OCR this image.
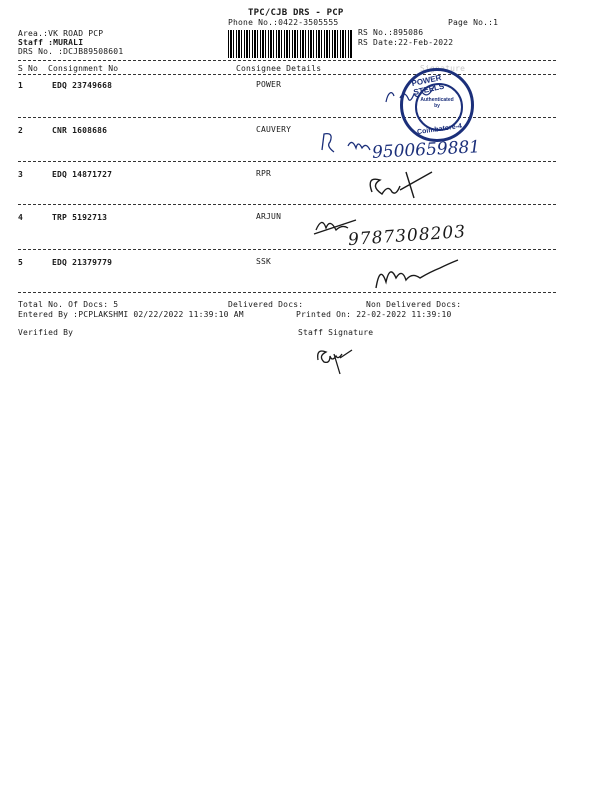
TPC/CJB DRS - PCP
Phone No.:0422-3505555	Page No.:1
Area.:VK ROAD PCP
Staff :MURALI
DRS No. :DCJB89508601
RS No.:895086
RS Date:22-Feb-2022
S No Consignment No	Consignee Details	Signature
1	EDQ 23749668	POWER
2	CNR 1608686	CAUVERY
3	EDQ 14871727	RPR
4	TRP 5192713	ARJUN
5	EDQ 21379779	SSK
Total No. Of Docs: 5	Delivered Docs:	Non Delivered Docs:
Entered By :PCPLAKSHMI 02/22/2022 11:39:10 AM	Printed On: 22-02-2022 11:39:10
Verified By	Staff Signature
POWER STEELS
Authenticated by
Coimbatore-4
9500659881
9787308203
